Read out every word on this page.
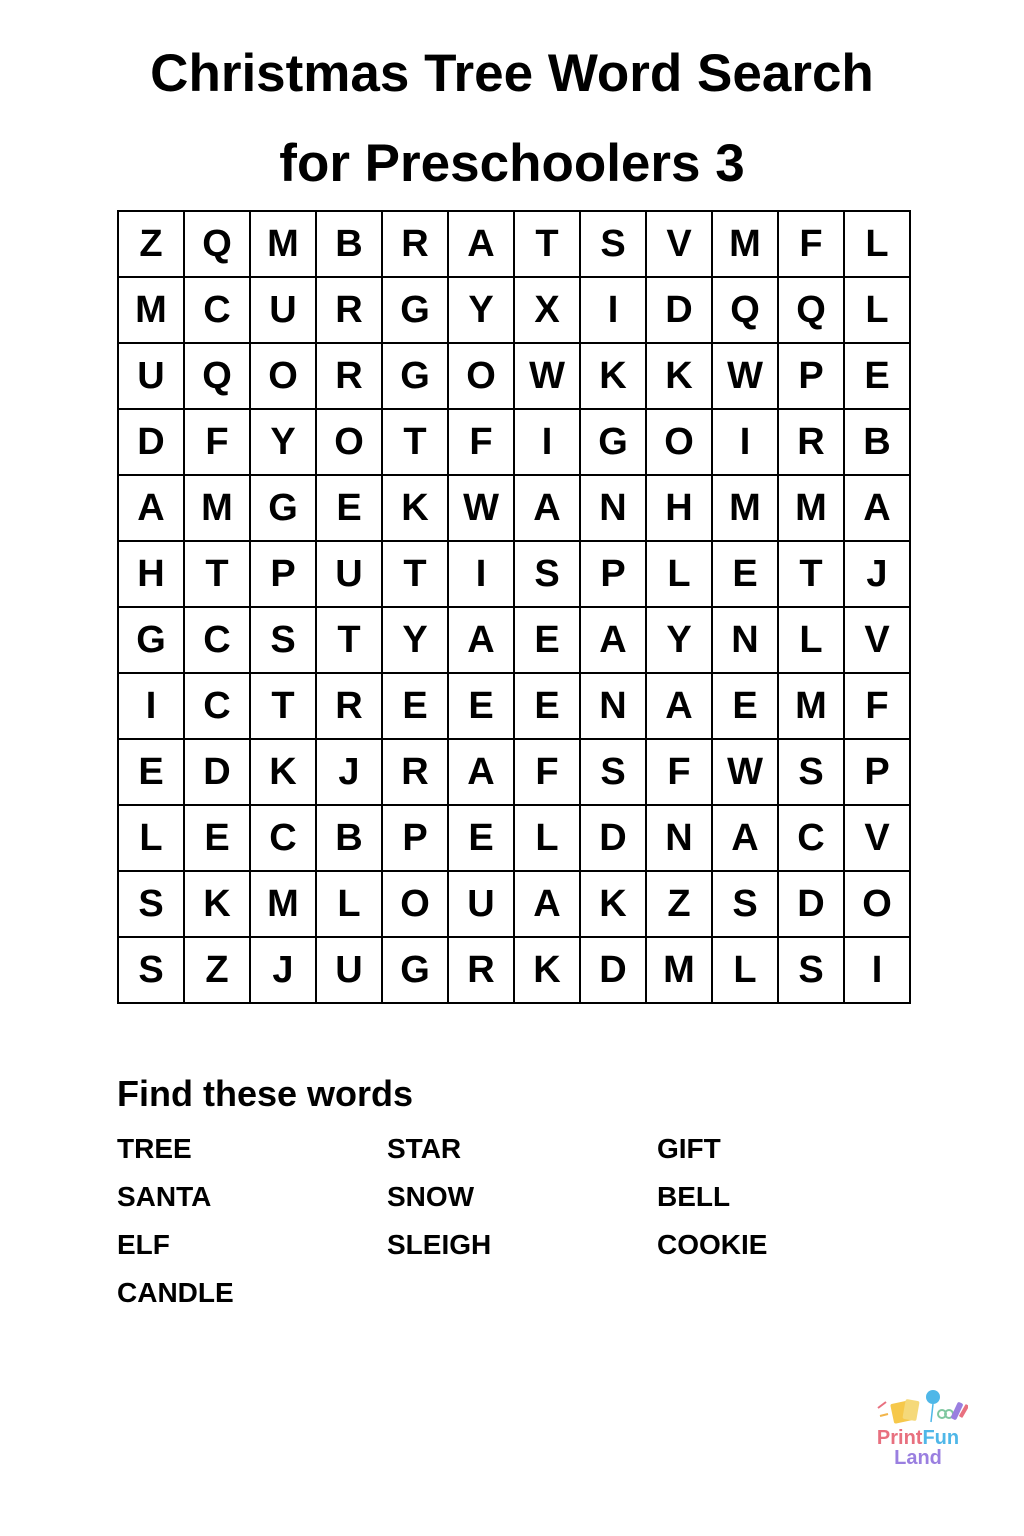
Christmas Tree Word Search
for Preschoolers 3
Z	Q M B	R	A	T	S	V M	F	L
M C	U	R G	Y	X	I	D Q Q	L
U Q O R G O W K	K W P	E
D	F	Y	O	T	F	I	G O	I	R	B
A M G	E	K W A	N	H M M A
H	T	P	U	T	I	S	P	L	E	T	J
G C	S	T	Y	A	E	A	Y	N	L	V
I	C	T	R	E	E	E	N	A	E M	F
E	D	K	J	R	A	F	S	F W S	P
L	E	C	B	P	E	L	D	N	A	C	V
S	K M	L	O U	A	K	Z	S	D O
S	Z	J	U G R	K	D M	L	S	I
Find these words
TREE	STAR	GIFT
SANTA	SNOW	BELL
ELF	SLEIGH	COOKIE
CANDLE
PrintFun
Land
